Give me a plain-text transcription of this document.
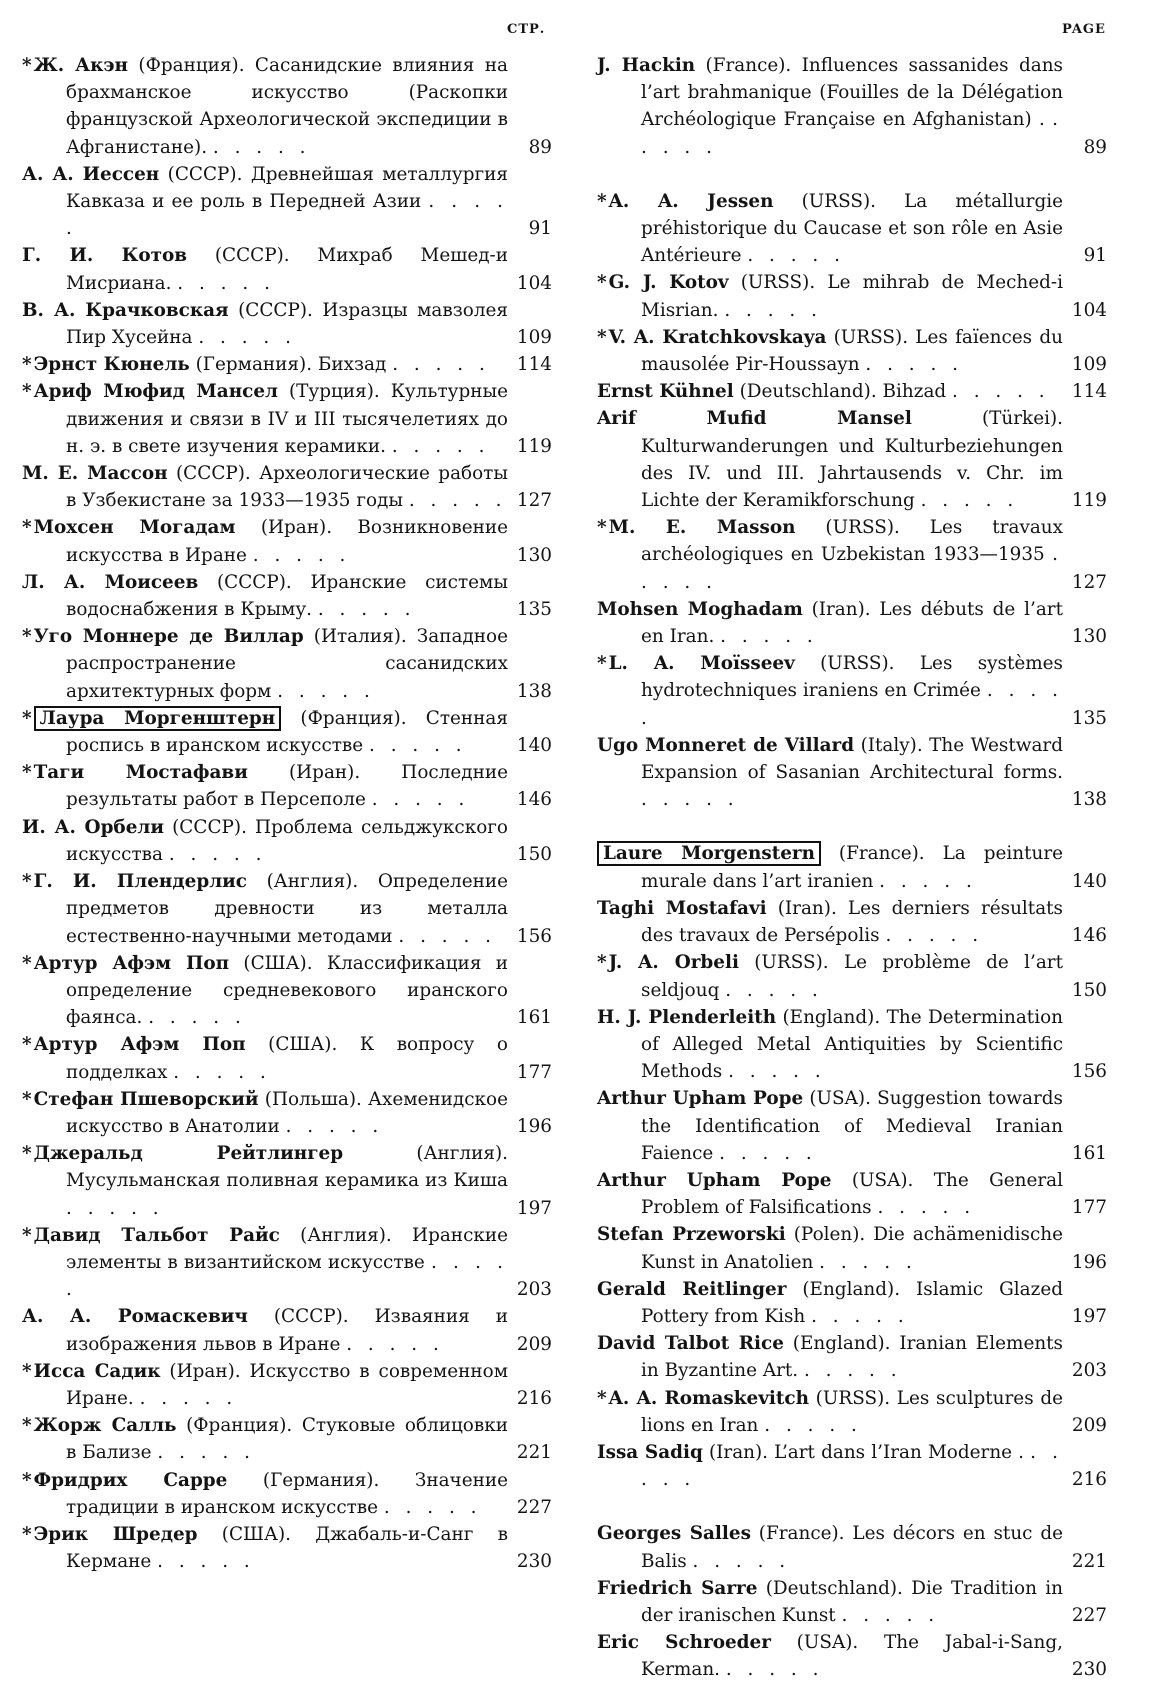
* Ж. Акэн (Франция). Сасанидские влияния на брахманское искусство (Раскопки французской Археологической экспедиции в Афганистане). . . . . .	89

А. А. Иессен (СССР). Древнейшая металлургия Кавказа и ее роль в Передней Азии . . . . .	91

Г. И. Котов (СССР). Михраб Мешед-и Мисриана. . . . . .	104

В. А. Крачковская (СССР). Изразцы мавзолея Пир Хусейна . . . . .	109

* Эрнст Кюнель (Германия). Бихзад . . . . .	114

* Ариф Мюфид Мансел (Турция). Культурные движения и связи в IV и III тысячелетиях до н. э. в свете изучения керамики. . . . . .	119

М. Е. Массон (СССР). Археологические работы в Узбекистане за 1933—1935 годы . . . . . 127

* Мохсен Могадам (Иран). Возникновение искусства в Иране . . . . .	130

Л. А. Моисеев (СССР). Иранские системы водоснабжения в Крыму. . . . . .	135

* Уго Моннере де Виллар (Италия). Западное распространение сасанидских архитектурных форм . . . . .	138

* Лаура Моргенштерн (Франция). Стенная роспись в иранском искусстве . . . . .	140

* Таги Мостафави (Иран). Последние результаты работ в Персеполе . . . . .	146

И. А. Орбели (СССР). Проблема сельджукского искусства . . . . .	150

* Г. И. Плендерлис (Англия). Определение предметов древности из металла естественно-научными методами . . . . .	156

* Артур Афэм Поп (США). Классификация и определение средневекового иранского фаянса. . . . . .	161

* Артур Афэм Поп (США). К вопросу о подделках . . . . .	177

* Стефан Пшеворский (Польша). Ахеменидское искусство в Анатолии . . . . .	196

* Джеральд Рейтлингер (Англия). Мусульманская поливная керамика из Киша . . . . .	197

* Давид Тальбот Райс (Англия). Иранские элементы в византийском искусстве . . . . .	203

А. А. Ромаскевич (СССР). Изваяния и изображения львов в Иране . . . . .	209

* Исса Садик (Иран). Искусство в современном Иране. . . . . .	216

* Жорж Салль (Франция). Стуковые облицовки в Бализе . . . . .	221

* Фридрих Сарре (Германия). Значение традиции в иранском искусстве . . . . .	227

* Эрик Шредер (США). Джабаль-и-Санг в Кермане . . . . .	230

J. Hackin (France). Influences sassanides dans l’art brahmanique (Fouilles de la Délégation Archéologique Française en Afghanistan) . . . . . .	89

* A. A. Jessen (URSS). La métallurgie préhistorique du Caucase et son rôle en Asie Antérieure . . . . .	91

* G. J. Kotov (URSS). Le mihrab de Meched-i Misrian. . . . . .	104

* V. A. Kratchkovskaya (URSS). Les faïences du mausolée Pir-Houssayn . . . . .	109

Ernst Kühnel (Deutschland). Bihzad . . . . .	114

Arif Mufid Mansel (Türkei). Kulturwanderungen und Kulturbeziehungen des IV. und III. Jahrtausends v. Chr. im Lichte der Keramikforschung . . . . .	119

* M. E. Masson (URSS). Les travaux archéologiques en Uzbekistan 1933—1935 . . . . .	127

Mohsen Moghadam (Iran). Les débuts de l’art en Iran. . . . . .	130

* L. A. Moïsseev (URSS). Les systèmes hydrotechniques iraniens en Crimée . . . . .	135

Ugo Monneret de Villard (Italy). The Westward Expansion of Sasanian Architectural forms. . . . . .	138

Laure Morgenstern (France). La peinture murale dans l’art iranien . . . . .	140

Taghi Mostafavi (Iran). Les derniers résultats des travaux de Persépolis . . . . .	146

* J. A. Orbeli (URSS). Le problème de l’art seldjouq . . . . .	150

H. J. Plenderleith (England). The Determination of Alleged Metal Antiquities by Scientific Methods . . . . .	156

Arthur Upham Pope (USA). Suggestion towards the Identification of Medieval Iranian Faience . . . . .	161

Arthur Upham Pope (USA). The General Problem of Falsifications . . . . .	177

Stefan Przeworski (Polen). Die achämenidische Kunst in Anatolien . . . . .	196

Gerald Reitlinger (England). Islamic Glazed Pottery from Kish . . . . .	197

David Talbot Rice (England). Iranian Elements in Byzantine Art. . . . . .	203

* A. A. Romaskevitch (URSS). Les sculptures de lions en Iran . . . . .	209

Issa Sadiq (Iran). L’art dans l’Iran Moderne . . . . . .	216

Georges Salles (France). Les décors en stuc de Balis . . . . .	221

Friedrich Sarre (Deutschland). Die Tradition in der iranischen Kunst . . . . .	227

Eric Schroeder (USA). The Jabal-i-Sang, Kerman. . . . . .	230

СТР.	PAGE
